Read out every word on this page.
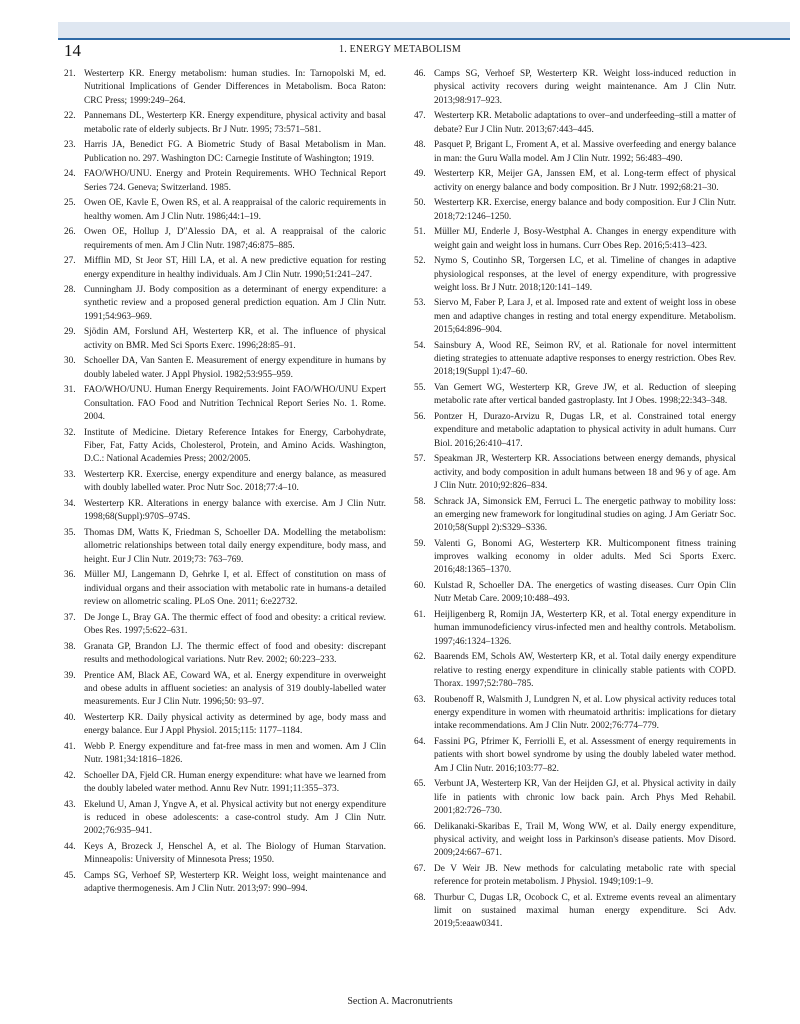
14	1. ENERGY METABOLISM
21. Westerterp KR. Energy metabolism: human studies. In: Tarnopolski M, ed. Nutritional Implications of Gender Differences in Metabolism. Boca Raton: CRC Press; 1999:249–264.
22. Pannemans DL, Westerterp KR. Energy expenditure, physical activity and basal metabolic rate of elderly subjects. Br J Nutr. 1995; 73:571–581.
23. Harris JA, Benedict FG. A Biometric Study of Basal Metabolism in Man. Publication no. 297. Washington DC: Carnegie Institute of Washington; 1919.
24. FAO/WHO/UNU. Energy and Protein Requirements. WHO Technical Report Series 724. Geneva; Switzerland. 1985.
25. Owen OE, Kavle E, Owen RS, et al. A reappraisal of the caloric requirements in healthy women. Am J Clin Nutr. 1986;44:1–19.
26. Owen OE, Hollup J, D"Alessio DA, et al. A reappraisal of the caloric requirements of men. Am J Clin Nutr. 1987;46:875–885.
27. Mifflin MD, St Jeor ST, Hill LA, et al. A new predictive equation for resting energy expenditure in healthy individuals. Am J Clin Nutr. 1990;51:241–247.
28. Cunningham JJ. Body composition as a determinant of energy expenditure: a synthetic review and a proposed general prediction equation. Am J Clin Nutr. 1991;54:963–969.
29. Sjödin AM, Forslund AH, Westerterp KR, et al. The influence of physical activity on BMR. Med Sci Sports Exerc. 1996;28:85–91.
30. Schoeller DA, Van Santen E. Measurement of energy expenditure in humans by doubly labeled water. J Appl Physiol. 1982;53:955–959.
31. FAO/WHO/UNU. Human Energy Requirements. Joint FAO/WHO/UNU Expert Consultation. FAO Food and Nutrition Technical Report Series No. 1. Rome. 2004.
32. Institute of Medicine. Dietary Reference Intakes for Energy, Carbohydrate, Fiber, Fat, Fatty Acids, Cholesterol, Protein, and Amino Acids. Washington, D.C.: National Academies Press; 2002/2005.
33. Westerterp KR. Exercise, energy expenditure and energy balance, as measured with doubly labelled water. Proc Nutr Soc. 2018;77:4–10.
34. Westerterp KR. Alterations in energy balance with exercise. Am J Clin Nutr. 1998;68(Suppl):970S–974S.
35. Thomas DM, Watts K, Friedman S, Schoeller DA. Modelling the metabolism: allometric relationships between total daily energy expenditure, body mass, and height. Eur J Clin Nutr. 2019;73: 763–769.
36. Müller MJ, Langemann D, Gehrke I, et al. Effect of constitution on mass of individual organs and their association with metabolic rate in humans-a detailed review on allometric scaling. PLoS One. 2011; 6:e22732.
37. De Jonge L, Bray GA. The thermic effect of food and obesity: a critical review. Obes Res. 1997;5:622–631.
38. Granata GP, Brandon LJ. The thermic effect of food and obesity: discrepant results and methodological variations. Nutr Rev. 2002; 60:223–233.
39. Prentice AM, Black AE, Coward WA, et al. Energy expenditure in overweight and obese adults in affluent societies: an analysis of 319 doubly-labelled water measurements. Eur J Clin Nutr. 1996;50: 93–97.
40. Westerterp KR. Daily physical activity as determined by age, body mass and energy balance. Eur J Appl Physiol. 2015;115: 1177–1184.
41. Webb P. Energy expenditure and fat-free mass in men and women. Am J Clin Nutr. 1981;34:1816–1826.
42. Schoeller DA, Fjeld CR. Human energy expenditure: what have we learned from the doubly labeled water method. Annu Rev Nutr. 1991;11:355–373.
43. Ekelund U, Aman J, Yngve A, et al. Physical activity but not energy expenditure is reduced in obese adolescents: a case-control study. Am J Clin Nutr. 2002;76:935–941.
44. Keys A, Brozeck J, Henschel A, et al. The Biology of Human Starvation. Minneapolis: University of Minnesota Press; 1950.
45. Camps SG, Verhoef SP, Westerterp KR. Weight loss, weight maintenance and adaptive thermogenesis. Am J Clin Nutr. 2013;97: 990–994.
46. Camps SG, Verhoef SP, Westerterp KR. Weight loss-induced reduction in physical activity recovers during weight maintenance. Am J Clin Nutr. 2013;98:917–923.
47. Westerterp KR. Metabolic adaptations to over–and underfeeding–still a matter of debate? Eur J Clin Nutr. 2013;67:443–445.
48. Pasquet P, Brigant L, Froment A, et al. Massive overfeeding and energy balance in man: the Guru Walla model. Am J Clin Nutr. 1992; 56:483–490.
49. Westerterp KR, Meijer GA, Janssen EM, et al. Long-term effect of physical activity on energy balance and body composition. Br J Nutr. 1992;68:21–30.
50. Westerterp KR. Exercise, energy balance and body composition. Eur J Clin Nutr. 2018;72:1246–1250.
51. Müller MJ, Enderle J, Bosy-Westphal A. Changes in energy expenditure with weight gain and weight loss in humans. Curr Obes Rep. 2016;5:413–423.
52. Nymo S, Coutinho SR, Torgersen LC, et al. Timeline of changes in adaptive physiological responses, at the level of energy expenditure, with progressive weight loss. Br J Nutr. 2018;120:141–149.
53. Siervo M, Faber P, Lara J, et al. Imposed rate and extent of weight loss in obese men and adaptive changes in resting and total energy expenditure. Metabolism. 2015;64:896–904.
54. Sainsbury A, Wood RE, Seimon RV, et al. Rationale for novel intermittent dieting strategies to attenuate adaptive responses to energy restriction. Obes Rev. 2018;19(Suppl 1):47–60.
55. Van Gemert WG, Westerterp KR, Greve JW, et al. Reduction of sleeping metabolic rate after vertical banded gastroplasty. Int J Obes. 1998;22:343–348.
56. Pontzer H, Durazo-Arvizu R, Dugas LR, et al. Constrained total energy expenditure and metabolic adaptation to physical activity in adult humans. Curr Biol. 2016;26:410–417.
57. Speakman JR, Westerterp KR. Associations between energy demands, physical activity, and body composition in adult humans between 18 and 96 y of age. Am J Clin Nutr. 2010;92:826–834.
58. Schrack JA, Simonsick EM, Ferruci L. The energetic pathway to mobility loss: an emerging new framework for longitudinal studies on aging. J Am Geriatr Soc. 2010;58(Suppl 2):S329–S336.
59. Valenti G, Bonomi AG, Westerterp KR. Multicomponent fitness training improves walking economy in older adults. Med Sci Sports Exerc. 2016;48:1365–1370.
60. Kulstad R, Schoeller DA. The energetics of wasting diseases. Curr Opin Clin Nutr Metab Care. 2009;10:488–493.
61. Heijligenberg R, Romijn JA, Westerterp KR, et al. Total energy expenditure in human immunodeficiency virus-infected men and healthy controls. Metabolism. 1997;46:1324–1326.
62. Baarends EM, Schols AW, Westerterp KR, et al. Total daily energy expenditure relative to resting energy expenditure in clinically stable patients with COPD. Thorax. 1997;52:780–785.
63. Roubenoff R, Walsmith J, Lundgren N, et al. Low physical activity reduces total energy expenditure in women with rheumatoid arthritis: implications for dietary intake recommendations. Am J Clin Nutr. 2002;76:774–779.
64. Fassini PG, Pfrimer K, Ferriolli E, et al. Assessment of energy requirements in patients with short bowel syndrome by using the doubly labeled water method. Am J Clin Nutr. 2016;103:77–82.
65. Verbunt JA, Westerterp KR, Van der Heijden GJ, et al. Physical activity in daily life in patients with chronic low back pain. Arch Phys Med Rehabil. 2001;82:726–730.
66. Delikanaki-Skaribas E, Trail M, Wong WW, et al. Daily energy expenditure, physical activity, and weight loss in Parkinson's disease patients. Mov Disord. 2009;24:667–671.
67. De V Weir JB. New methods for calculating metabolic rate with special reference for protein metabolism. J Physiol. 1949;109:1–9.
68. Thurbur C, Dugas LR, Ocobock C, et al. Extreme events reveal an alimentary limit on sustained maximal human energy expenditure. Sci Adv. 2019;5:eaaw0341.
Section A. Macronutrients
